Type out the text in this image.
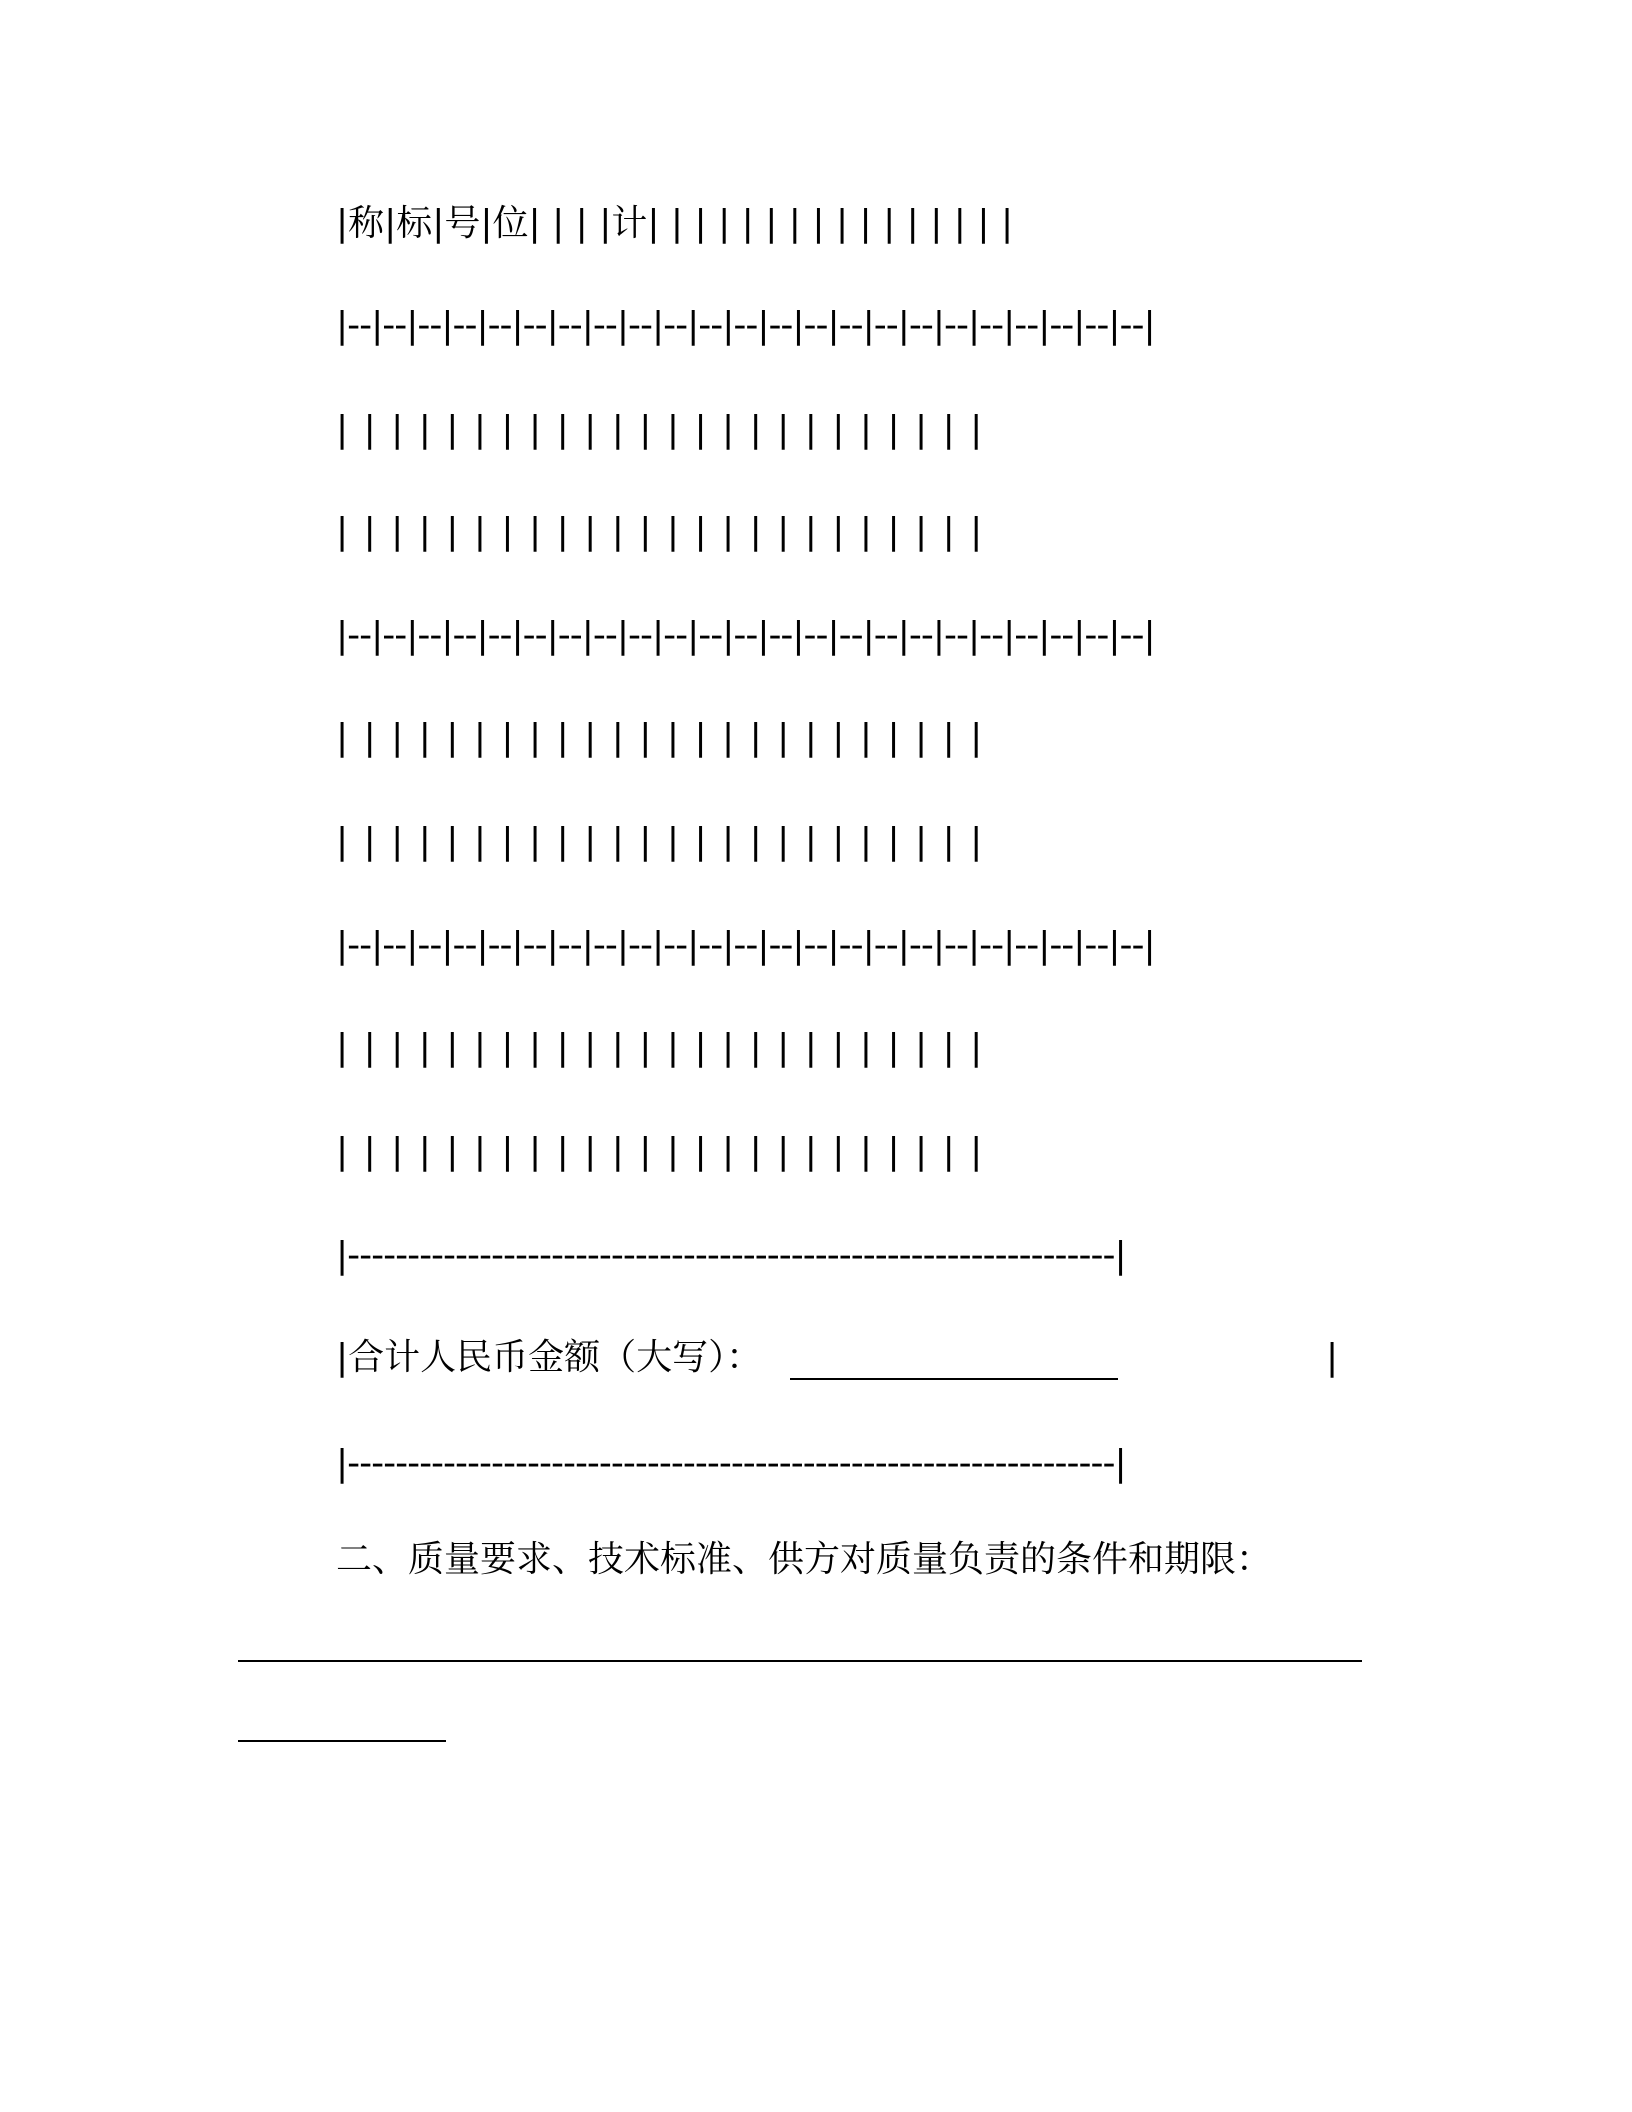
|称|标|号|位| | | |计| | | | | | | | | | | | | | | |
|--|--|--|--|--|--|--|--|--|--|--|--|--|--|--|--|--|--|--|--|--|--|--|
| | | | | | | | | | | | | | | | | | | | | | | |
| | | | | | | | | | | | | | | | | | | | | | | |
|--|--|--|--|--|--|--|--|--|--|--|--|--|--|--|--|--|--|--|--|--|--|--|
| | | | | | | | | | | | | | | | | | | | | | | |
| | | | | | | | | | | | | | | | | | | | | | | |
|--|--|--|--|--|--|--|--|--|--|--|--|--|--|--|--|--|--|--|--|--|--|--|
| | | | | | | | | | | | | | | | | | | | | | | |
| | | | | | | | | | | | | | | | | | | | | | | |
|----------------------------------------------------------------|
|合计人民币金额（大写）：	|
|----------------------------------------------------------------|
二、质量要求、技术标准、供方对质量负责的条件和期限：
